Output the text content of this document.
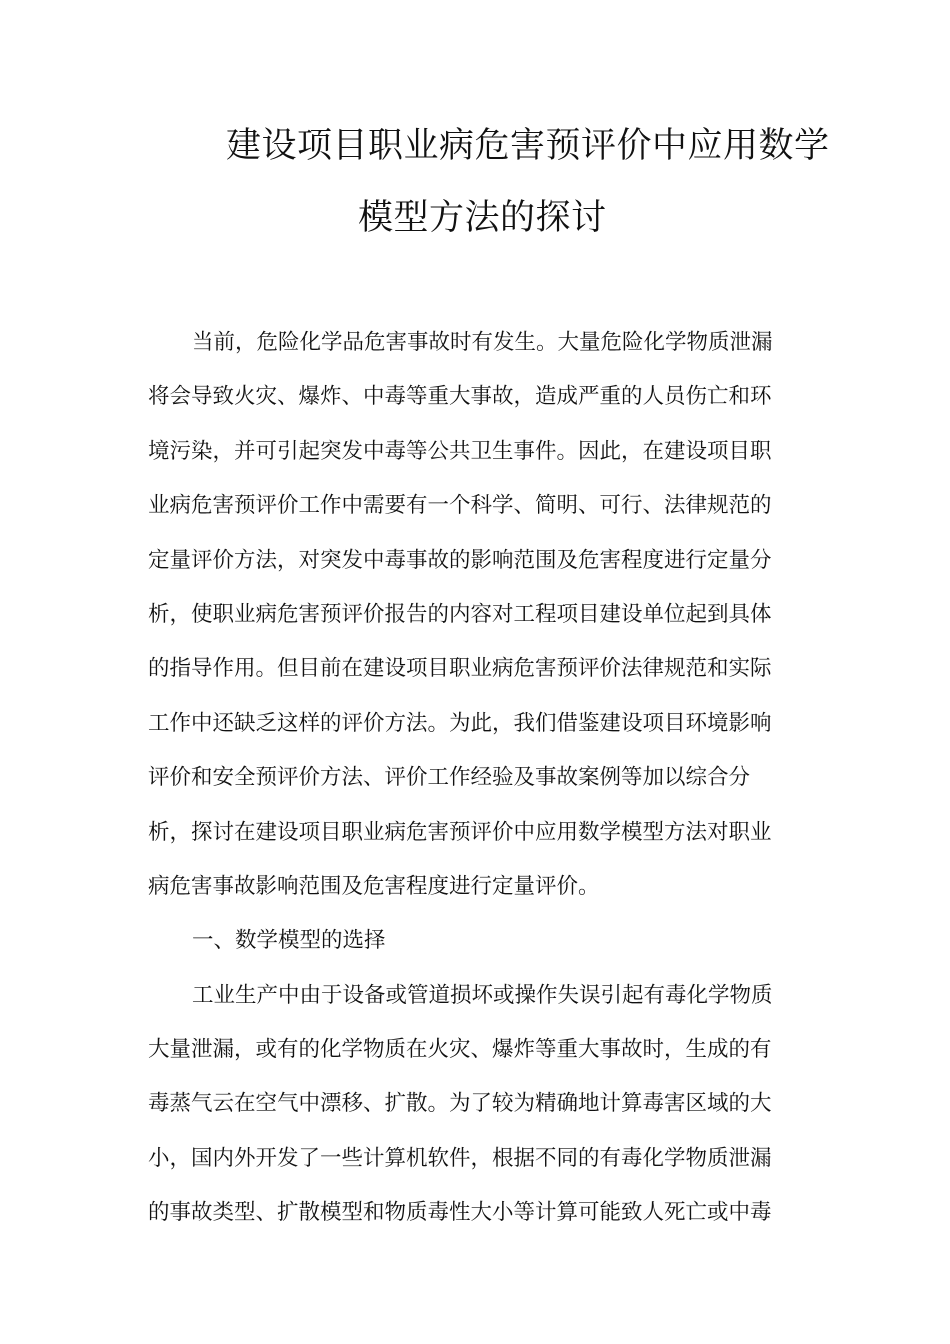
建设项目职业病危害预评价中应用数学
模型方法的探讨
当前，危险化学品危害事故时有发生。大量危险化学物质泄漏
将会导致火灾、爆炸、中毒等重大事故，造成严重的人员伤亡和环
境污染，并可引起突发中毒等公共卫生事件。因此，在建设项目职
业病危害预评价工作中需要有一个科学、简明、可行、法律规范的
定量评价方法，对突发中毒事故的影响范围及危害程度进行定量分
析，使职业病危害预评价报告的内容对工程项目建设单位起到具体
的指导作用。但目前在建设项目职业病危害预评价法律规范和实际
工作中还缺乏这样的评价方法。为此，我们借鉴建设项目环境影响
评价和安全预评价方法、评价工作经验及事故案例等加以综合分
析，探讨在建设项目职业病危害预评价中应用数学模型方法对职业
病危害事故影响范围及危害程度进行定量评价。
一、数学模型的选择
工业生产中由于设备或管道损坏或操作失误引起有毒化学物质
大量泄漏，或有的化学物质在火灾、爆炸等重大事故时，生成的有
毒蒸气云在空气中漂移、扩散。为了较为精确地计算毒害区域的大
小，国内外开发了一些计算机软件，根据不同的有毒化学物质泄漏
的事故类型、扩散模型和物质毒性大小等计算可能致人死亡或中毒
